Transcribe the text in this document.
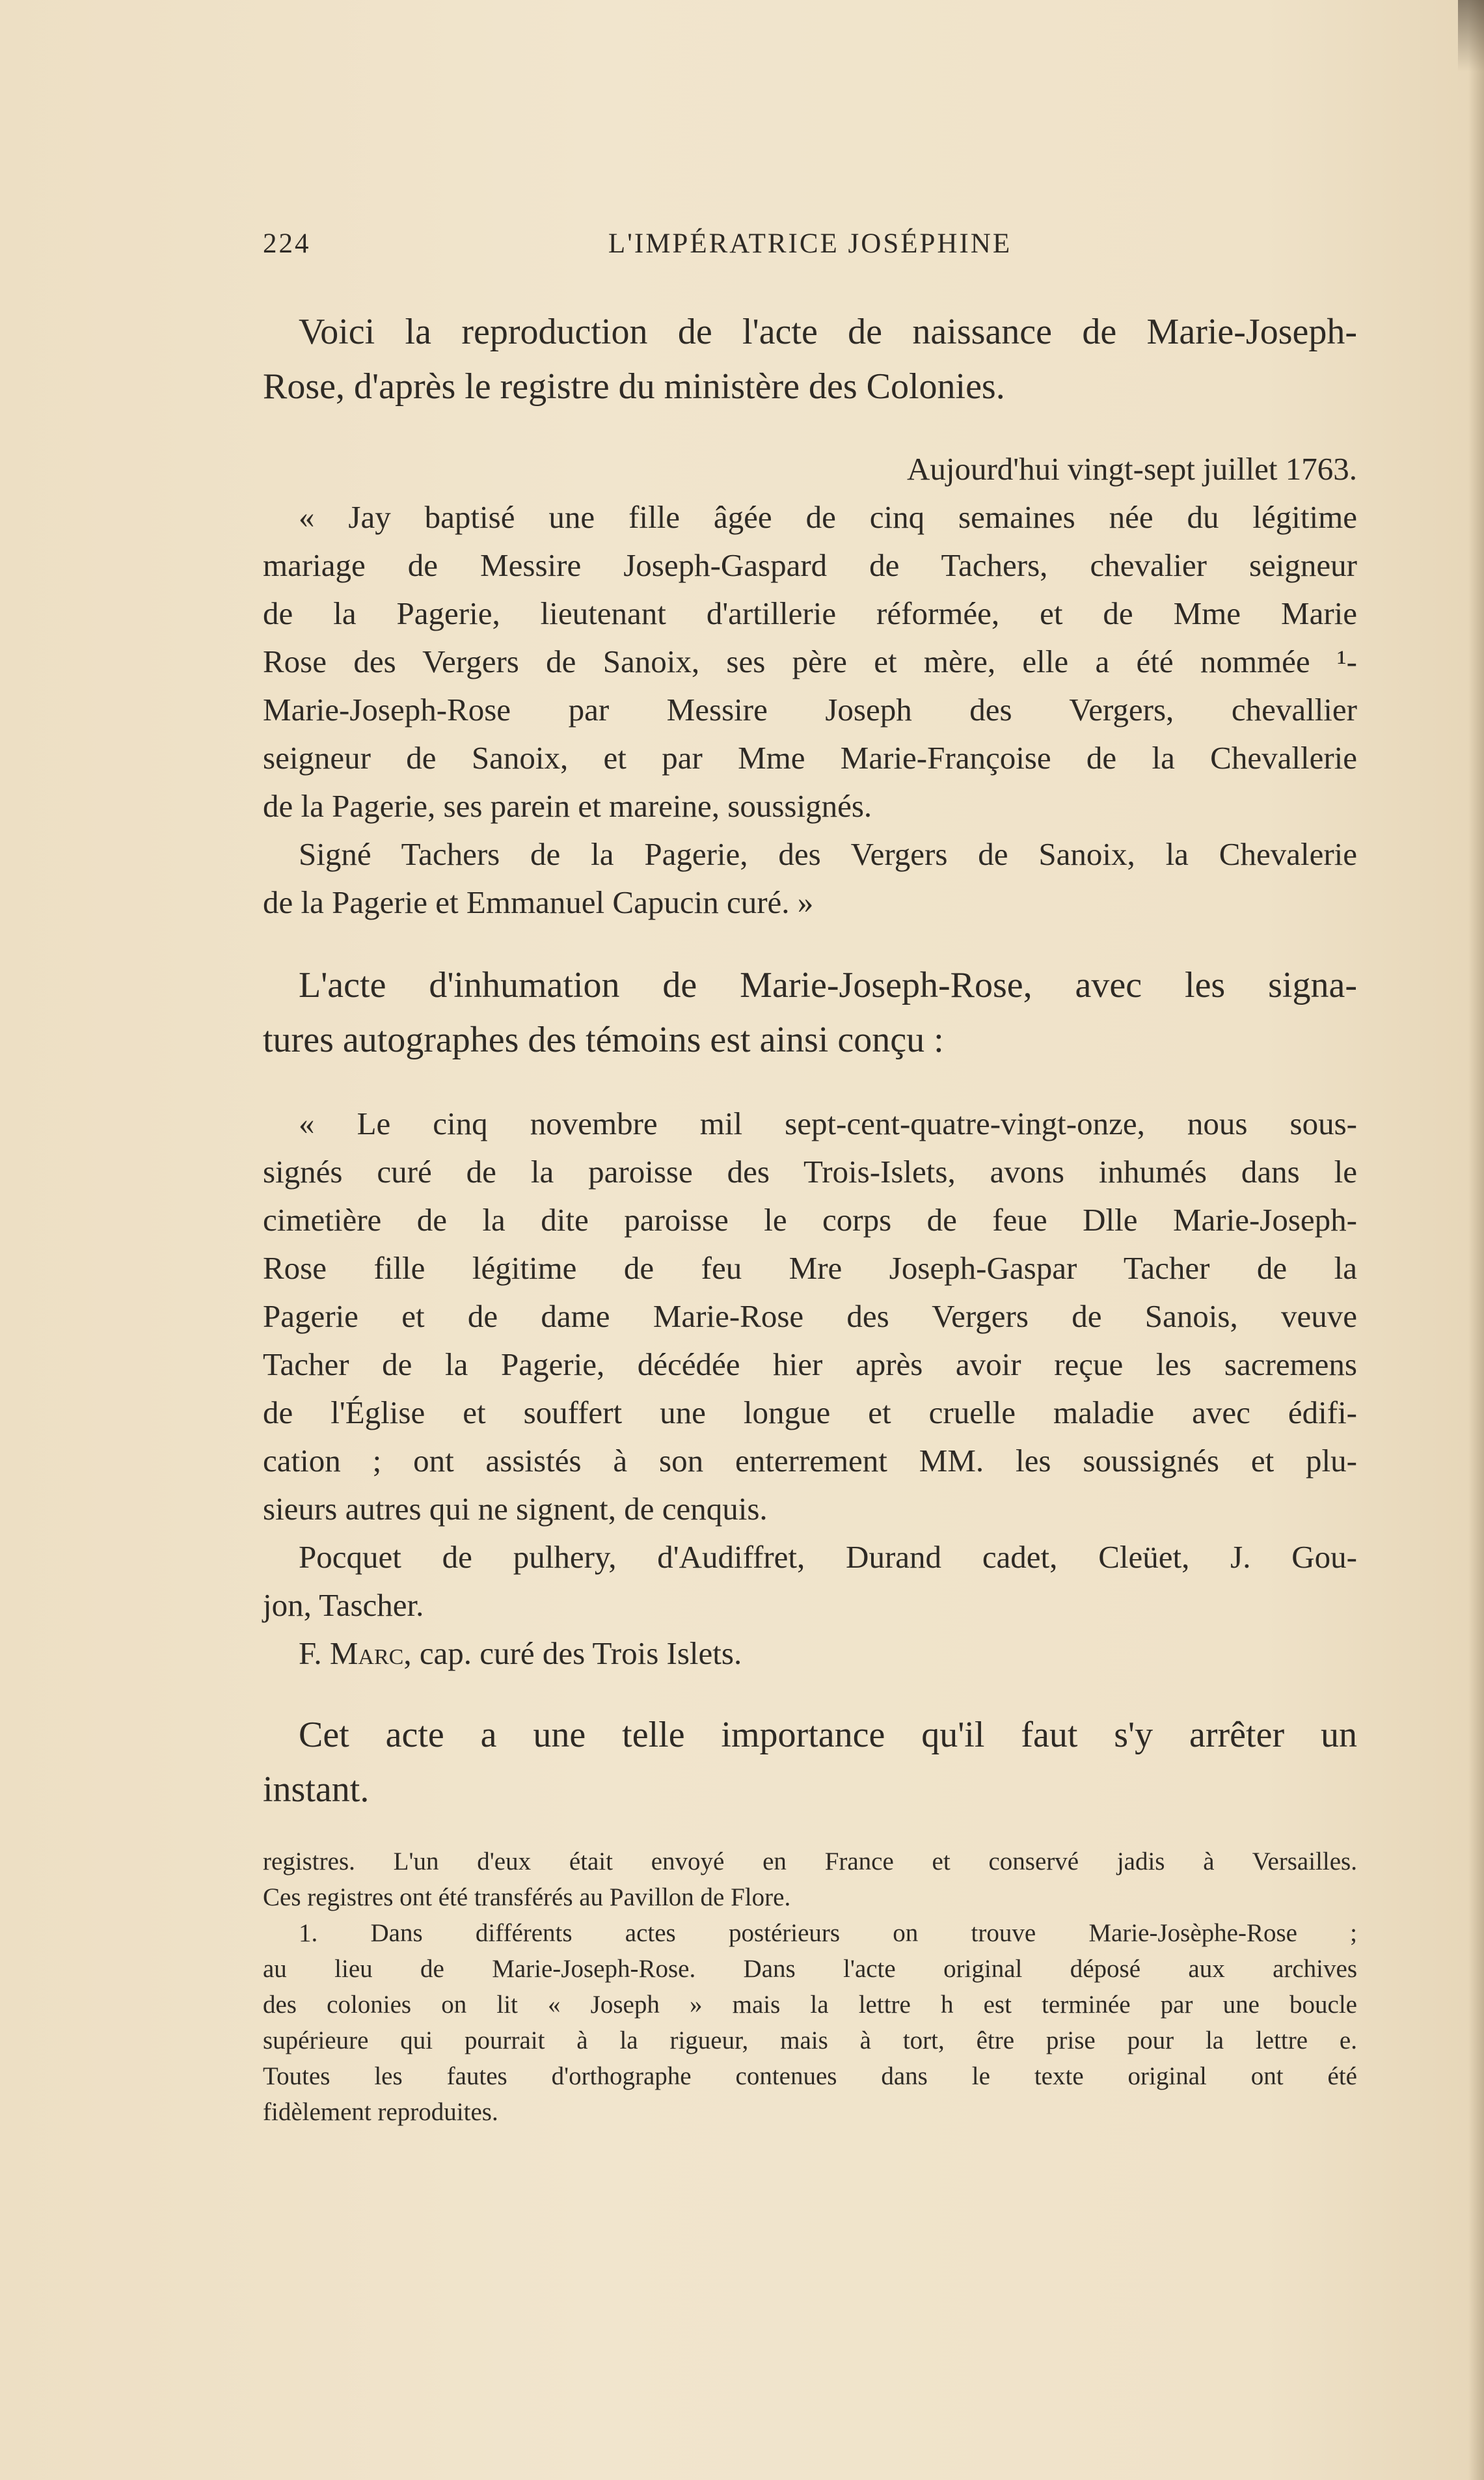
224	L'IMPÉRATRICE JOSÉPHINE
Voici la reproduction de l'acte de naissance de Marie-Joseph-
Rose, d'après le registre du ministère des Colonies.
Aujourd'hui vingt-sept juillet 1763.
« Jay baptisé une fille âgée de cinq semaines née du légitime
mariage de Messire Joseph-Gaspard de Tachers, chevalier seigneur
de la Pagerie, lieutenant d'artillerie réformée, et de Mme Marie
Rose des Vergers de Sanoix, ses père et mère, elle a été nommée ¹-
Marie-Joseph-Rose par Messire Joseph des Vergers, chevallier
seigneur de Sanoix, et par Mme Marie-Françoise de la Chevallerie
de la Pagerie, ses parein et mareine, soussignés.
Signé Tachers de la Pagerie, des Vergers de Sanoix, la Chevalerie
de la Pagerie et Emmanuel Capucin curé. »
L'acte d'inhumation de Marie-Joseph-Rose, avec les signa-
tures autographes des témoins est ainsi conçu :
« Le cinq novembre mil sept-cent-quatre-vingt-onze, nous sous-
signés curé de la paroisse des Trois-Islets, avons inhumés dans le
cimetière de la dite paroisse le corps de feue Dlle Marie-Joseph-
Rose fille légitime de feu Mre Joseph-Gaspar Tacher de la
Pagerie et de dame Marie-Rose des Vergers de Sanois, veuve
Tacher de la Pagerie, décédée hier après avoir reçue les sacremens
de l'Église et souffert une longue et cruelle maladie avec édifi-
cation ; ont assistés à son enterrement MM. les soussignés et plu-
sieurs autres qui ne signent, de cenquis.
Pocquet de pulhery, d'Audiffret, Durand cadet, Cleüet, J. Gou-
jon, Tascher.
F. Marc, cap. curé des Trois Islets.
Cet acte a une telle importance qu'il faut s'y arrêter un
instant.
registres. L'un d'eux était envoyé en France et conservé jadis à Versailles.
Ces registres ont été transférés au Pavillon de Flore.
1. Dans différents actes postérieurs on trouve Marie-Josèphe-Rose ;
au lieu de Marie-Joseph-Rose. Dans l'acte original déposé aux archives
des colonies on lit « Joseph » mais la lettre h est terminée par une boucle
supérieure qui pourrait à la rigueur, mais à tort, être prise pour la lettre e.
Toutes les fautes d'orthographe contenues dans le texte original ont été
fidèlement reproduites.
